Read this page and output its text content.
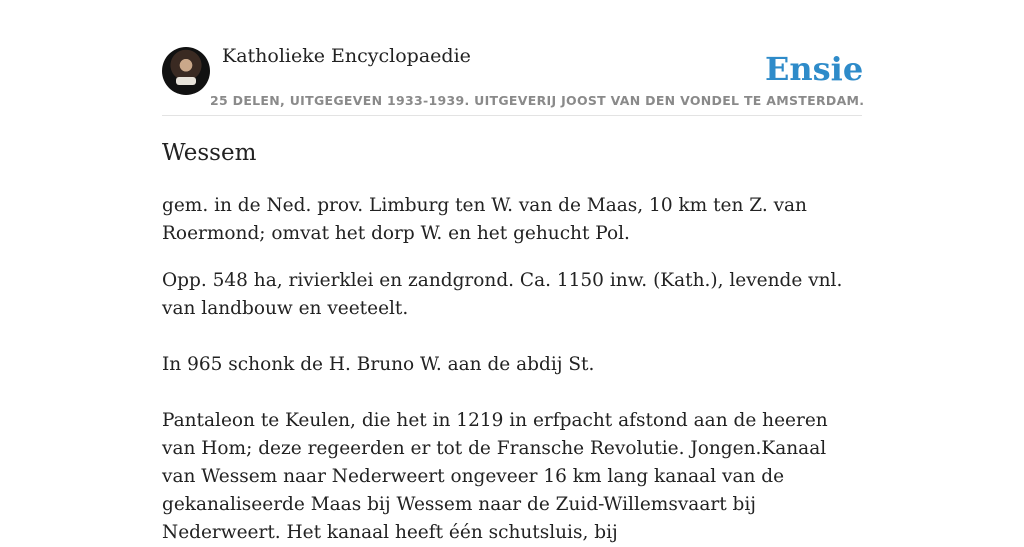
Katholieke Encyclopaedie
25 DELEN, UITGEGEVEN 1933-1939. UITGEVERIJ JOOST VAN DEN VONDEL TE AMSTERDAM.
Ensie
Wessem

gem. in de Ned. prov. Limburg ten W. van de Maas, 10 km ten Z. van Roermond; omvat het dorp W. en het gehucht Pol.

Opp. 548 ha, rivierklei en zandgrond. Ca. 1150 inw. (Kath.), levende vnl. van landbouw en veeteelt.

In 965 schonk de H. Bruno W. aan de abdij St.

Pantaleon te Keulen, die het in 1219 in erfpacht afstond aan de heeren van Hom; deze regeerden er tot de Fransche Revolutie. Jongen.Kanaal van Wessem naar Nederweert ongeveer 16 km lang kanaal van de gekanaliseerde Maas bij Wessem naar de Zuid-Willemsvaart bij Nederweert. Het kanaal heeft één schutsluis, bij
